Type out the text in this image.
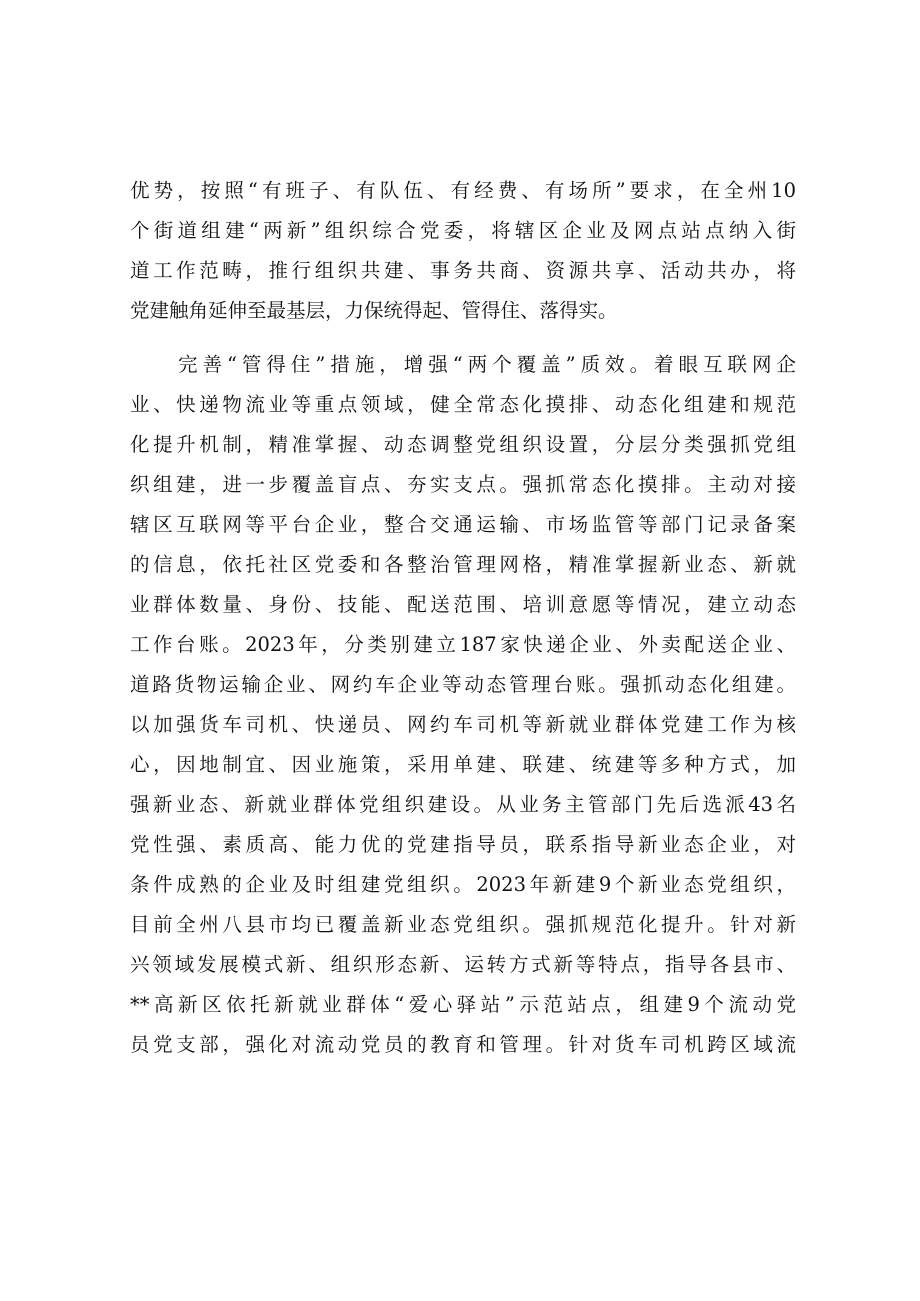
优势，按照“有班子、有队伍、有经费、有场所”要求，在全州10
个街道组建“两新”组织综合党委，将辖区企业及网点站点纳入街
道工作范畴，推行组织共建、事务共商、资源共享、活动共办，将
党建触角延伸至最基层，力保统得起、管得住、落得实。
完善“管得住”措施，增强“两个覆盖”质效。着眼互联网企
业、快递物流业等重点领域，健全常态化摸排、动态化组建和规范
化提升机制，精准掌握、动态调整党组织设置，分层分类强抓党组
织组建，进一步覆盖盲点、夯实支点。强抓常态化摸排。主动对接
辖区互联网等平台企业，整合交通运输、市场监管等部门记录备案
的信息，依托社区党委和各整治管理网格，精准掌握新业态、新就
业群体数量、身份、技能、配送范围、培训意愿等情况，建立动态
工作台账。2023年，分类别建立187家快递企业、外卖配送企业、
道路货物运输企业、网约车企业等动态管理台账。强抓动态化组建。
以加强货车司机、快递员、网约车司机等新就业群体党建工作为核
心，因地制宜、因业施策，采用单建、联建、统建等多种方式，加
强新业态、新就业群体党组织建设。从业务主管部门先后选派43名
党性强、素质高、能力优的党建指导员，联系指导新业态企业，对
条件成熟的企业及时组建党组织。2023年新建9个新业态党组织，
目前全州八县市均已覆盖新业态党组织。强抓规范化提升。针对新
兴领域发展模式新、组织形态新、运转方式新等特点，指导各县市、
**高新区依托新就业群体“爱心驿站”示范站点，组建9个流动党
员党支部，强化对流动党员的教育和管理。针对货车司机跨区域流
